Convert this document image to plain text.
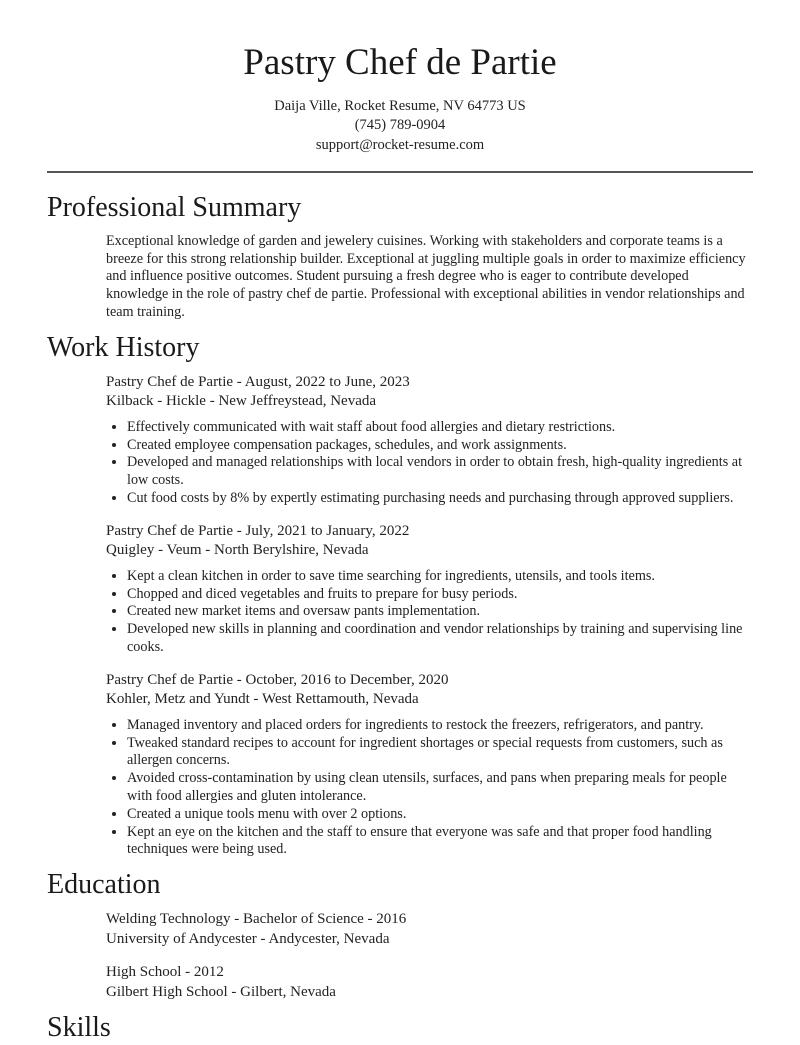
Pastry Chef de Partie
Daija Ville, Rocket Resume, NV 64773 US
(745) 789-0904
support@rocket-resume.com
Professional Summary
Exceptional knowledge of garden and jewelery cuisines. Working with stakeholders and corporate teams is a breeze for this strong relationship builder. Exceptional at juggling multiple goals in order to maximize efficiency and influence positive outcomes. Student pursuing a fresh degree who is eager to contribute developed knowledge in the role of pastry chef de partie. Professional with exceptional abilities in vendor relationships and team training.
Work History
Pastry Chef de Partie - August, 2022 to June, 2023
Kilback - Hickle - New Jeffreystead, Nevada
• Effectively communicated with wait staff about food allergies and dietary restrictions.
• Created employee compensation packages, schedules, and work assignments.
• Developed and managed relationships with local vendors in order to obtain fresh, high-quality ingredients at low costs.
• Cut food costs by 8% by expertly estimating purchasing needs and purchasing through approved suppliers.
Pastry Chef de Partie - July, 2021 to January, 2022
Quigley - Veum - North Berylshire, Nevada
• Kept a clean kitchen in order to save time searching for ingredients, utensils, and tools items.
• Chopped and diced vegetables and fruits to prepare for busy periods.
• Created new market items and oversaw pants implementation.
• Developed new skills in planning and coordination and vendor relationships by training and supervising line cooks.
Pastry Chef de Partie - October, 2016 to December, 2020
Kohler, Metz and Yundt - West Rettamouth, Nevada
• Managed inventory and placed orders for ingredients to restock the freezers, refrigerators, and pantry.
• Tweaked standard recipes to account for ingredient shortages or special requests from customers, such as allergen concerns.
• Avoided cross-contamination by using clean utensils, surfaces, and pans when preparing meals for people with food allergies and gluten intolerance.
• Created a unique tools menu with over 2 options.
• Kept an eye on the kitchen and the staff to ensure that everyone was safe and that proper food handling techniques were being used.
Education
Welding Technology - Bachelor of Science - 2016
University of Andycester - Andycester, Nevada
High School - 2012
Gilbert High School - Gilbert, Nevada
Skills
